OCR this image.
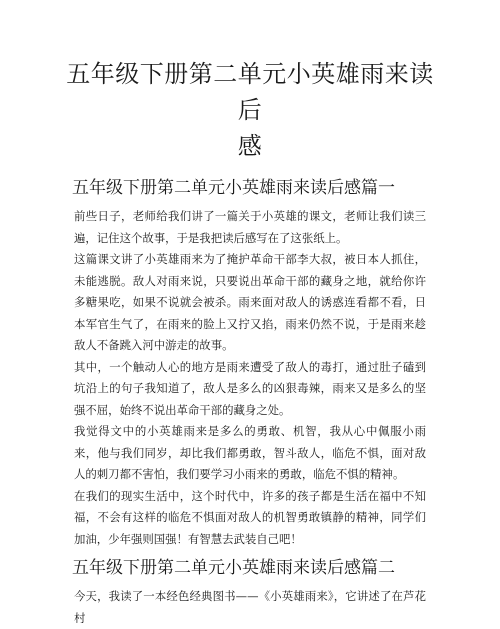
五年级下册第二单元小英雄雨来读后
感
五年级下册第二单元小英雄雨来读后感篇一

前些日子，老师给我们讲了一篇关于小英雄的课文，老师让我们读三遍，记住这个故事，于是我把读后感写在了这张纸上。

这篇课文讲了小英雄雨来为了掩护革命干部李大叔，被日本人抓住，未能逃脱。敌人对雨来说，只要说出革命干部的藏身之地，就给你许多糖果吃，如果不说就会被杀。雨来面对敌人的诱惑连看都不看，日本军官生气了，在雨来的脸上又拧又掐，雨来仍然不说，于是雨来趁敌人不备跳入河中游走的故事。

其中，一个触动人心的地方是雨来遭受了敌人的毒打，通过肚子磕到坑沿上的句子我知道了，敌人是多么的凶狠毒辣，雨来又是多么的坚强不屈，始终不说出革命干部的藏身之处。

我觉得文中的小英雄雨来是多么的勇敢、机智，我从心中佩服小雨来，他与我们同岁，却比我们都勇敢，智斗敌人，临危不惧，面对敌人的刺刀都不害怕，我们要学习小雨来的勇敢，临危不惧的精神。

在我们的现实生活中，这个时代中，许多的孩子都是生活在福中不知福，不会有这样的临危不惧面对敌人的机智勇敢镇静的精神，同学们加油，少年强则国强！有智慧去武装自己吧！

五年级下册第二单元小英雄雨来读后感篇二

今天，我读了一本经色经典图书——《小英雄雨来》，它讲述了在芦花村
